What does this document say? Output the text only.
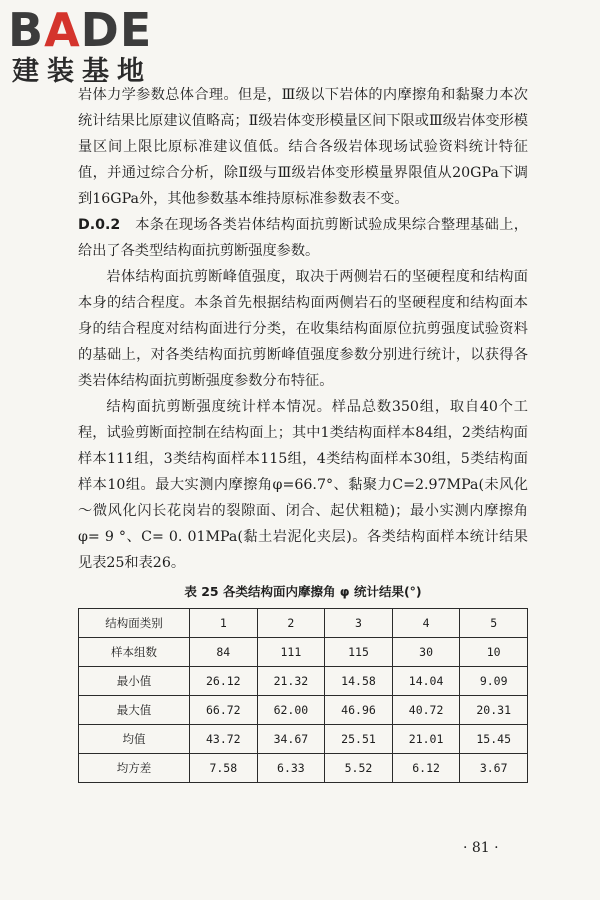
BADE
建装基地

岩体力学参数总体合理。但是，Ⅲ级以下岩体的内摩擦角和黏聚力本次统计结果比原建议值略高；Ⅱ级岩体变形模量区间下限或Ⅲ级岩体变形模量区间上限比原标准建议值低。结合各级岩体现场试验资料统计特征值，并通过综合分析，除Ⅱ级与Ⅲ级岩体变形模量界限值从20GPa下调到16GPa外，其他参数基本维持原标准参数表不变。

D.0.2　 本条在现场各类岩体结构面抗剪断试验成果综合整理基础上，给出了各类型结构面抗剪断强度参数。

岩体结构面抗剪断峰值强度，取决于两侧岩石的坚硬程度和结构面本身的结合程度。本条首先根据结构面两侧岩石的坚硬程度和结构面本身的结合程度对结构面进行分类，在收集结构面原位抗剪强度试验资料的基础上，对各类结构面抗剪断峰值强度参数分别进行统计，以获得各类岩体结构面抗剪断强度参数分布特征。

结构面抗剪断强度统计样本情况。样品总数350组，取自40个工程，试验剪断面控制在结构面上；其中1类结构面样本84组，2类结构面样本111组，3类结构面样本115组，4类结构面样本30组，5类结构面样本10组。最大实测内摩擦角φ=66.7°、黏聚力C=2.97MPa(未风化～微风化闪长花岗岩的裂隙面、闭合、起伏粗糙)；最小实测内摩擦角φ= 9 °、C= 0. 01MPa(黏土岩泥化夹层)。各类结构面样本统计结果见表25和表26。

表 25 各类结构面内摩擦角 φ 统计结果(°)
结构面类别	1	2	3	4	5
样本组数	84	111	115	30	10
最小值	26.12	21.32	14.58	14.04	9.09
最大值	66.72	62.00	46.96	40.72	20.31
均值	43.72	34.67	25.51	21.01	15.45
均方差	7.58	6.33	5.52	6.12	3.67
· 81 ·
